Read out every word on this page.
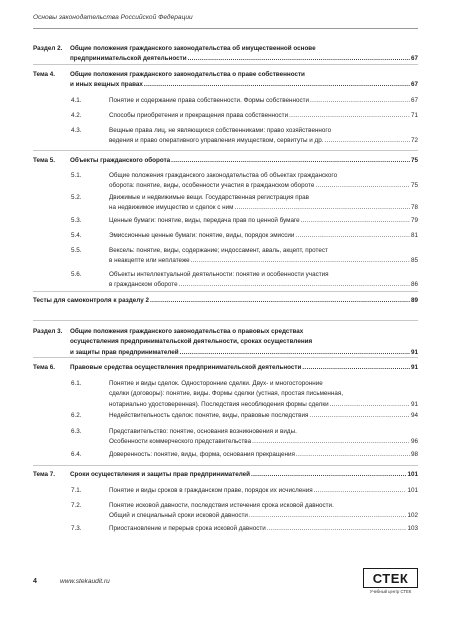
Основы законодательства Российской Федерации
Раздел 2. Общие положения гражданского законодательства об имущественной основе
предпринимательской деятельности .....	67
Тема 4. Общие положения гражданского законодательства о праве собственности
и иных вещных правах .....	67
4.1.	Понятие и содержание права собственности. Формы собственности .....	67
4.2.	Способы приобретения и прекращения права собственности .....	71
4.3.	Вещные права лиц, не являющихся собственниками: право хозяйственного
ведения и право оперативного управления имуществом, сервитуты и др. .....	72
Тема 5. Объекты гражданского оборота .....	75
5.1.	Общие положения гражданского законодательства об объектах гражданского
оборота: понятие, виды, особенности участия в гражданском обороте .....	75
5.2.	Движимые и недвижимые вещи. Государственная регистрация прав
на недвижимое имущество и сделок с ним .....	78
5.3.	Ценные бумаги: понятие, виды, передача прав по ценной бумаге .....	79
5.4.	Эмиссионные ценные бумаги: понятие, виды, порядок эмиссии .....	81
5.5.	Вексель: понятие, виды, содержание; индоссамент, аваль, акцепт, протест
в неакцепте или неплатеже .....	85
5.6.	Объекты интеллектуальной деятельности: понятие и особенности участия
в гражданском обороте .....	86
Тесты для самоконтроля к разделу 2 .....	89
Раздел 3. Общие положения гражданского законодательства о правовых средствах
осуществления предпринимательской деятельности, сроках осуществления
и защиты прав предпринимателей .....	91
Тема 6. Правовые средства осуществления предпринимательской деятельности .....	91
6.1.	Понятие и виды сделок. Односторонние сделки. Двух- и многосторонние
сделки (договоры): понятие, виды. Формы сделки (устная, простая письменная,
нотариально удостоверенная). Последствия несоблюдения формы сделки .....	91
6.2.	Недействительность сделок: понятие, виды, правовые последствия .....	94
6.3.	Представительство: понятие, основания возникновения и виды.
Особенности коммерческого представительства .....	96
6.4.	Доверенность: понятие, виды, форма, основания прекращения .....	98
Тема 7. Сроки осуществления и защиты прав предпринимателей .....	101
7.1.	Понятие и виды сроков в гражданском праве, порядок их исчисления .....	101
7.2.	Понятие исковой давности, последствия истечения срока исковой давности.
Общий и специальный сроки исковой давности .....	102
7.3.	Приостановление и перерыв срока исковой давности .....	103
4	www.stekaudit.ru	СТЕК
Учебный центр СТЕК
